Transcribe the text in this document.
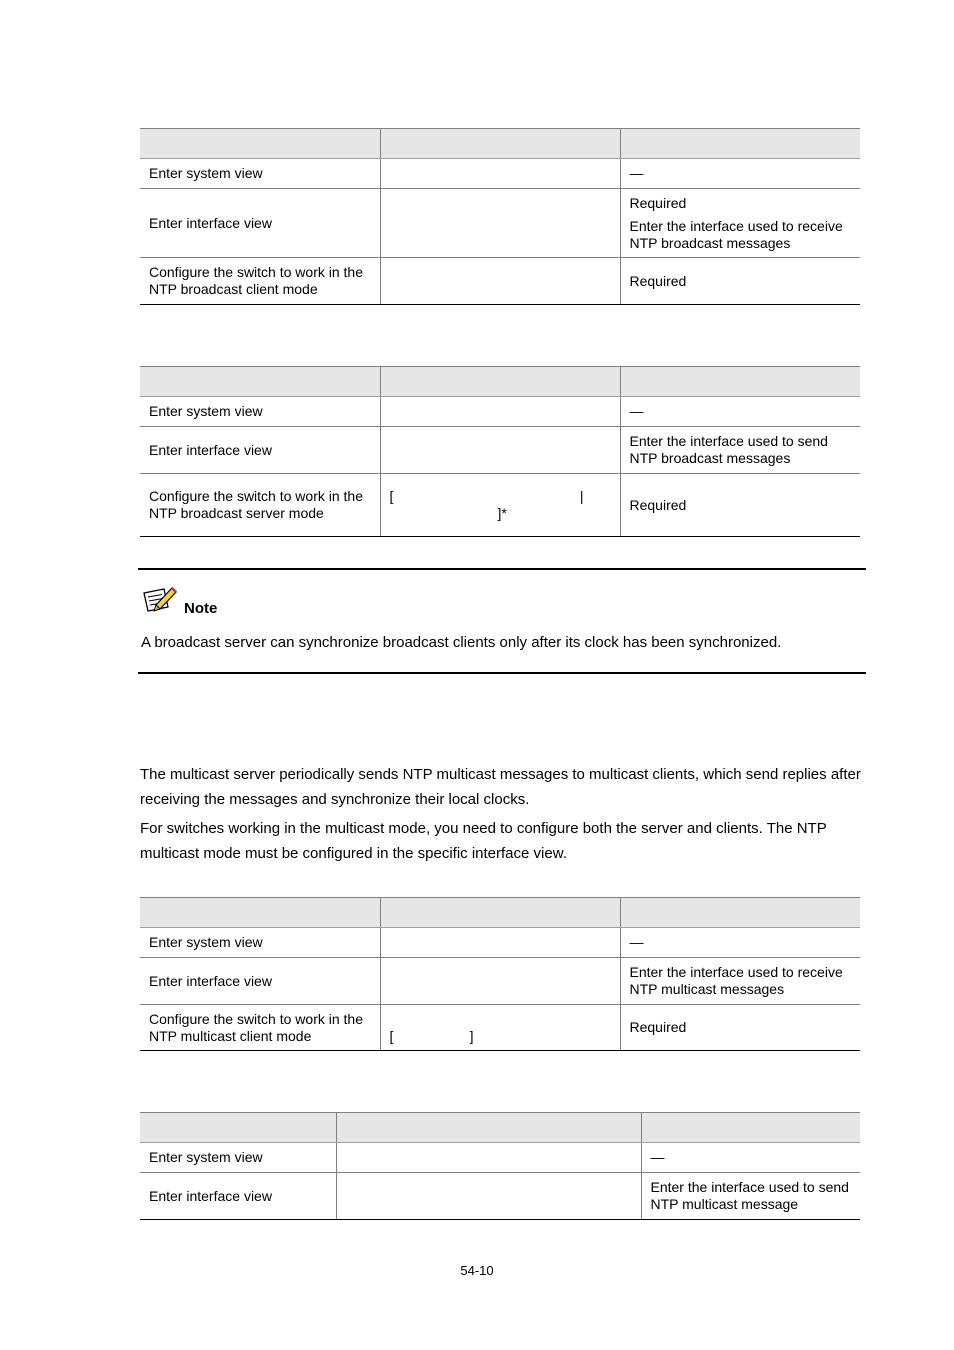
Enter system view		—
Enter interface view		Required

Enter the interface used to receive NTP broadcast messages

Configure the switch to work in the NTP broadcast client mode		Required

Enter system view		—
Enter interface view		Enter the interface used to send NTP broadcast messages
Configure the switch to work in the NTP broadcast server mode	[ |
]*	Required
Note
A broadcast server can synchronize broadcast clients only after its clock has been synchronized.

The multicast server periodically sends NTP multicast messages to multicast clients, which send replies after receiving the messages and synchronize their local clocks.

For switches working in the multicast mode, you need to configure both the server and clients. The NTP multicast mode must be configured in the specific interface view.

Enter system view		—
Enter interface view		Enter the interface used to receive NTP multicast messages
Configure the switch to work in the NTP multicast client mode	[ ]	Required

Enter system view		—
Enter interface view		Enter the interface used to send NTP multicast message
54-10
